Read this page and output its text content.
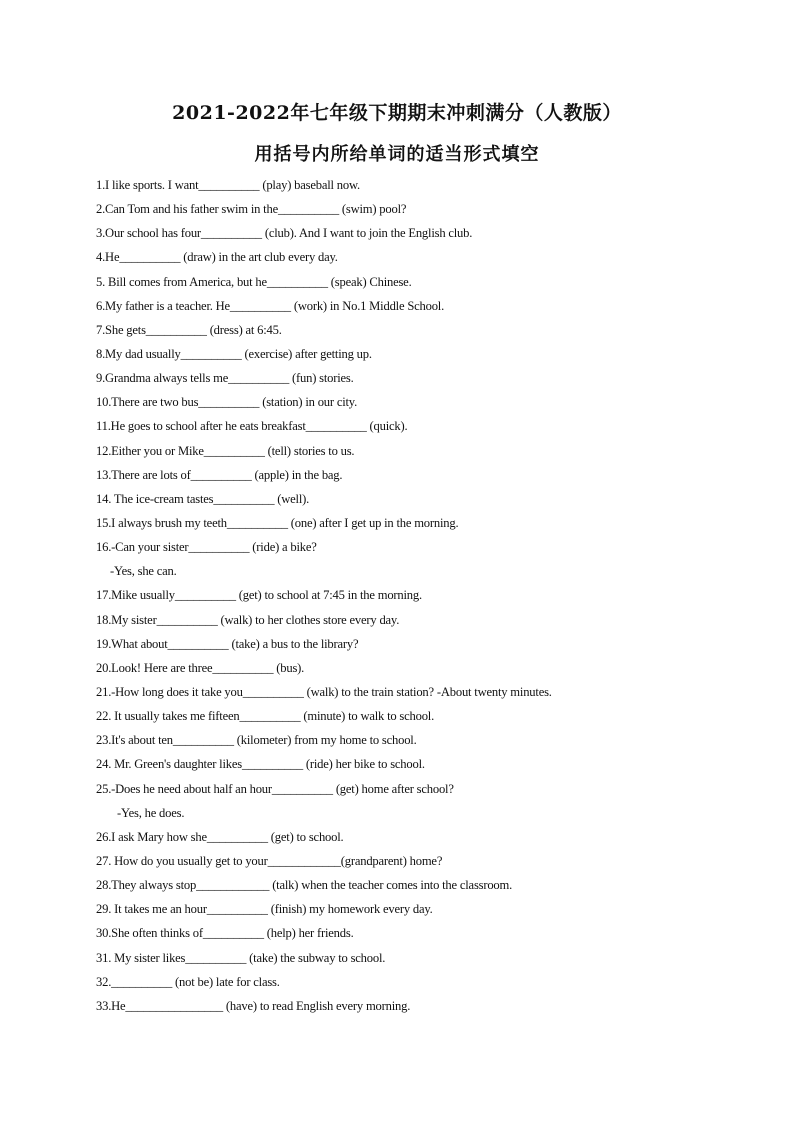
2021-2022年七年级下期期末冲刺满分（人教版）
用括号内所给单词的适当形式填空
1.I like sports. I want__________ (play) baseball now.
2.Can Tom and his father swim in the__________ (swim) pool?
3.Our school has four__________ (club). And I want to join the English club.
4.He__________ (draw) in the art club every day.
5. Bill comes from America, but he__________ (speak) Chinese.
6.My father is a teacher. He__________ (work) in No.1 Middle School.
7.She gets__________ (dress) at 6:45.
8.My dad usually__________ (exercise) after getting up.
9.Grandma always tells me__________ (fun) stories.
10.There are two bus__________ (station) in our city.
11.He goes to school after he eats breakfast__________ (quick).
12.Either you or Mike__________ (tell) stories to us.
13.There are lots of__________ (apple) in the bag.
14. The ice-cream tastes__________ (well).
15.I always brush my teeth__________ (one) after I get up in the morning.
16.-Can your sister__________ (ride) a bike?
-Yes, she can.
17.Mike usually__________ (get) to school at 7:45 in the morning.
18.My sister__________ (walk) to her clothes store every day.
19.What about__________ (take) a bus to the library?
20.Look! Here are three__________ (bus).
21.-How long does it take you__________ (walk) to the train station? -About twenty minutes.
22. It usually takes me fifteen__________ (minute) to walk to school.
23.It's about ten__________ (kilometer) from my home to school.
24. Mr. Green's daughter likes__________ (ride) her bike to school.
25.-Does he need about half an hour__________ (get) home after school?
-Yes, he does.
26.I ask Mary how she__________ (get) to school.
27. How do you usually get to your____________(grandparent) home?
28.They always stop____________ (talk) when the teacher comes into the classroom.
29. It takes me an hour__________ (finish) my homework every day.
30.She often thinks of__________ (help) her friends.
31. My sister likes__________ (take) the subway to school.
32.__________ (not be) late for class.
33.He________________ (have) to read English every morning.
